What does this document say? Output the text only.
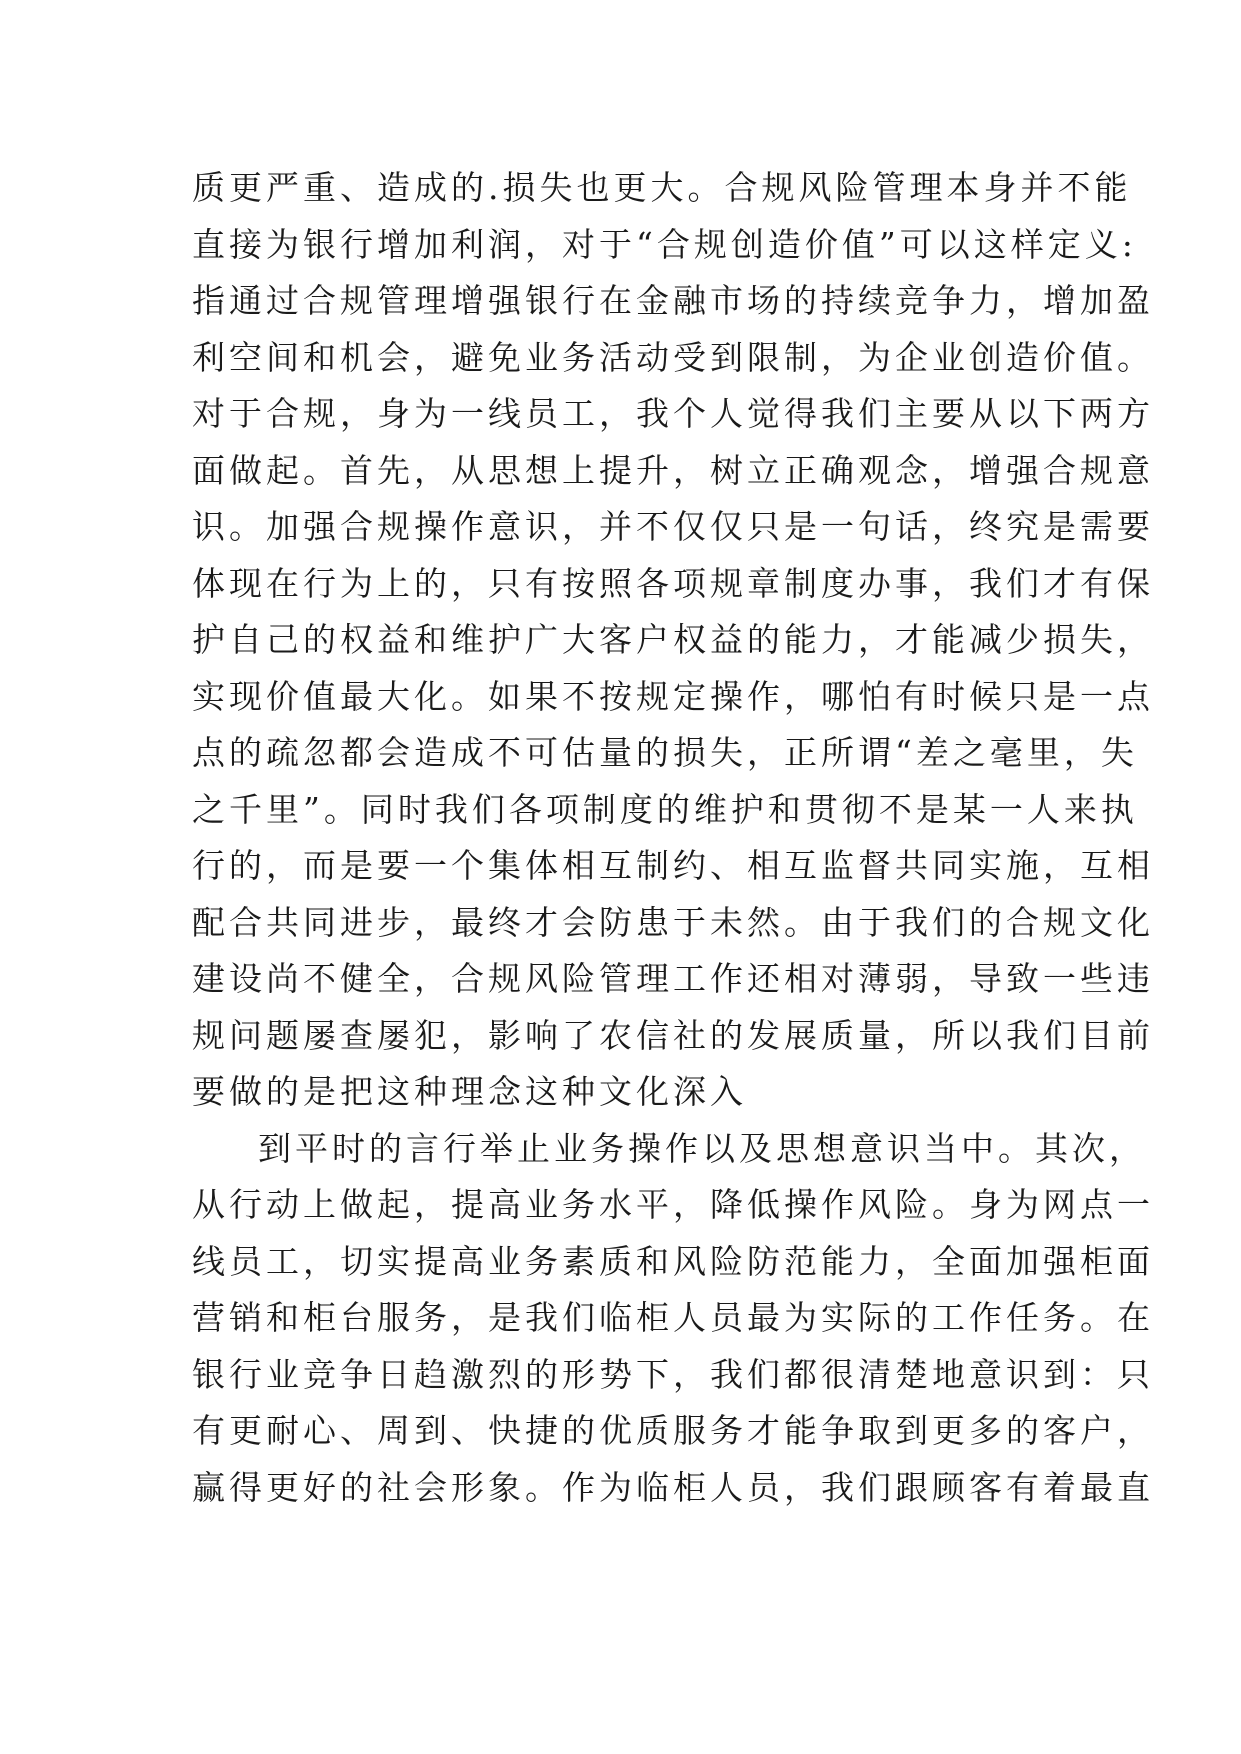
质更严重、造成的.损失也更大。合规风险管理本身并不能
直接为银行增加利润，对于“合规创造价值”可以这样定义:
指通过合规管理增强银行在金融市场的持续竞争力，增加盈
利空间和机会，避免业务活动受到限制，为企业创造价值。
对于合规，身为一线员工，我个人觉得我们主要从以下两方
面做起。首先，从思想上提升，树立正确观念，增强合规意
识。加强合规操作意识，并不仅仅只是一句话，终究是需要
体现在行为上的，只有按照各项规章制度办事，我们才有保
护自己的权益和维护广大客户权益的能力，才能减少损失，
实现价值最大化。如果不按规定操作，哪怕有时候只是一点
点的疏忽都会造成不可估量的损失，正所谓“差之毫里，失
之千里”。同时我们各项制度的维护和贯彻不是某一人来执
行的，而是要一个集体相互制约、相互监督共同实施，互相
配合共同进步，最终才会防患于未然。由于我们的合规文化
建设尚不健全，合规风险管理工作还相对薄弱，导致一些违
规问题屡查屡犯，影响了农信社的发展质量，所以我们目前
要做的是把这种理念这种文化深入
到平时的言行举止业务操作以及思想意识当中。其次，
从行动上做起，提高业务水平，降低操作风险。身为网点一
线员工，切实提高业务素质和风险防范能力，全面加强柜面
营销和柜台服务，是我们临柜人员最为实际的工作任务。在
银行业竞争日趋激烈的形势下，我们都很清楚地意识到：只
有更耐心、周到、快捷的优质服务才能争取到更多的客户，
赢得更好的社会形象。作为临柜人员，我们跟顾客有着最直
